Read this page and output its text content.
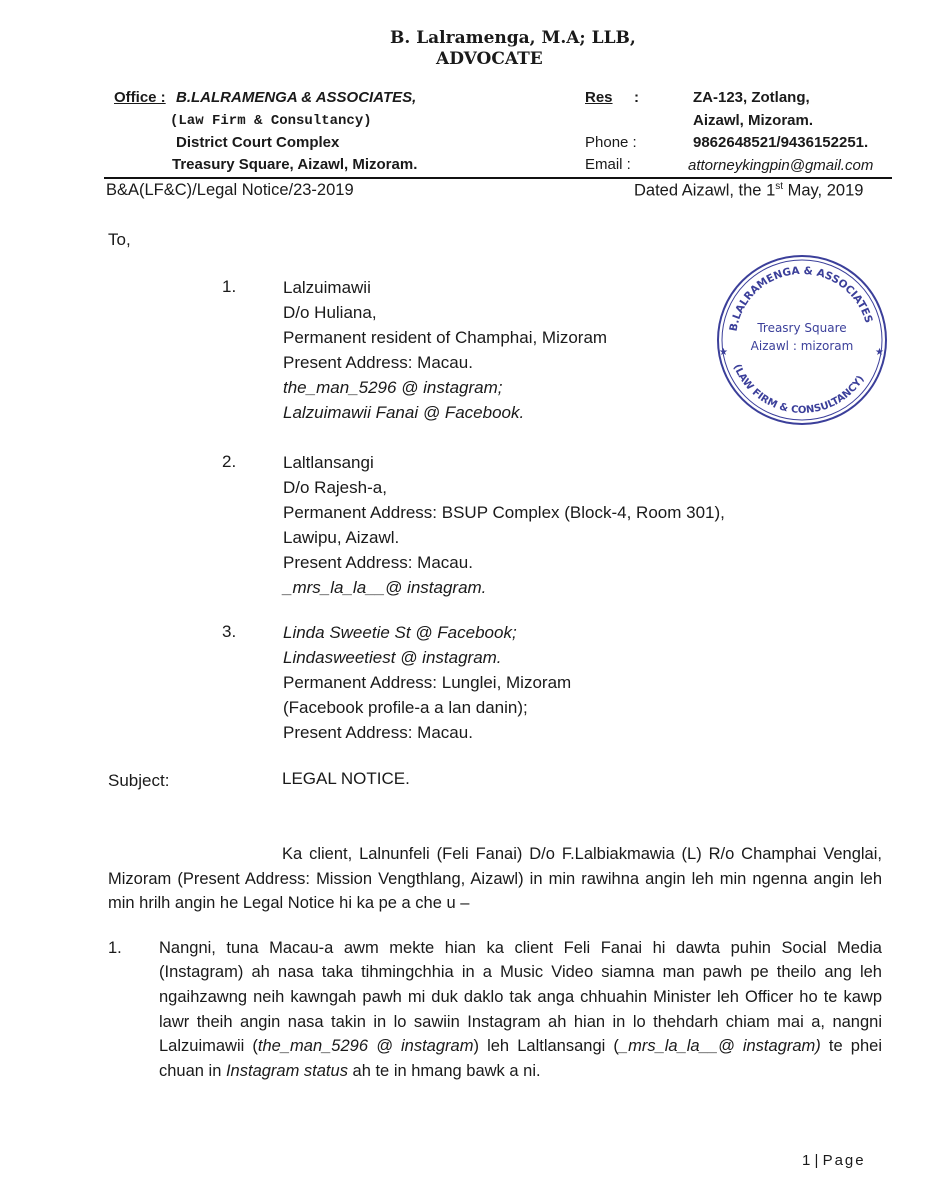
B. Lalramenga, M.A; LLB,
ADVOCATE
Office : B.LALRAMENGA & ASSOCIATES,
(Law Firm & Consultancy)
District Court Complex
Treasury Square, Aizawl, Mizoram.
Res :	ZA-123, Zotlang,
Aizawl, Mizoram.
Phone :	9862648521/9436152251.
Email :	attorneykingpin@gmail.com
B&A(LF&C)/Legal Notice/23-2019	Dated Aizawl, the 1st May, 2019
To,
B.LALRAMENGA & ASSOCIATES
(LAW FIRM & CONSULTANCY)
Treasry Square
Aizawl : mizoram
★	★
1.	Lalzuimawii
D/o Huliana,
Permanent resident of Champhai, Mizoram
Present Address: Macau.
the_man_5296 @ instagram;
Lalzuimawii Fanai @ Facebook.
2.	Laltlansangi
D/o Rajesh-a,
Permanent Address: BSUP Complex (Block-4, Room 301),
Lawipu, Aizawl.
Present Address: Macau.
_mrs_la_la__@ instagram.
3.	Linda Sweetie St @ Facebook;
Lindasweetiest @ instagram.
Permanent Address: Lunglei, Mizoram
(Facebook profile-a a lan danin);
Present Address: Macau.
Subject:	LEGAL NOTICE.
Ka client, Lalnunfeli (Feli Fanai) D/o F.Lalbiakmawia (L) R/o Champhai Venglai, Mizoram (Present Address: Mission Vengthlang, Aizawl) in min rawihna angin leh min ngenna angin leh min hrilh angin he Legal Notice hi ka pe a che u –
1.	Nangni, tuna Macau-a awm mekte hian ka client Feli Fanai hi dawta puhin Social Media (Instagram) ah nasa taka tihmingchhia in a Music Video siamna man pawh pe theilo ang leh ngaihzawng neih kawngah pawh mi duk daklo tak anga chhuahin Minister leh Officer ho te kawp lawr theih angin nasa takin in lo sawiin Instagram ah hian in lo thehdarh chiam mai a, nangni Lalzuimawii (the_man_5296 @ instagram) leh Laltlansangi (_mrs_la_la__@ instagram) te phei chuan in Instagram status ah te in hmang bawk a ni.
1 | Page
